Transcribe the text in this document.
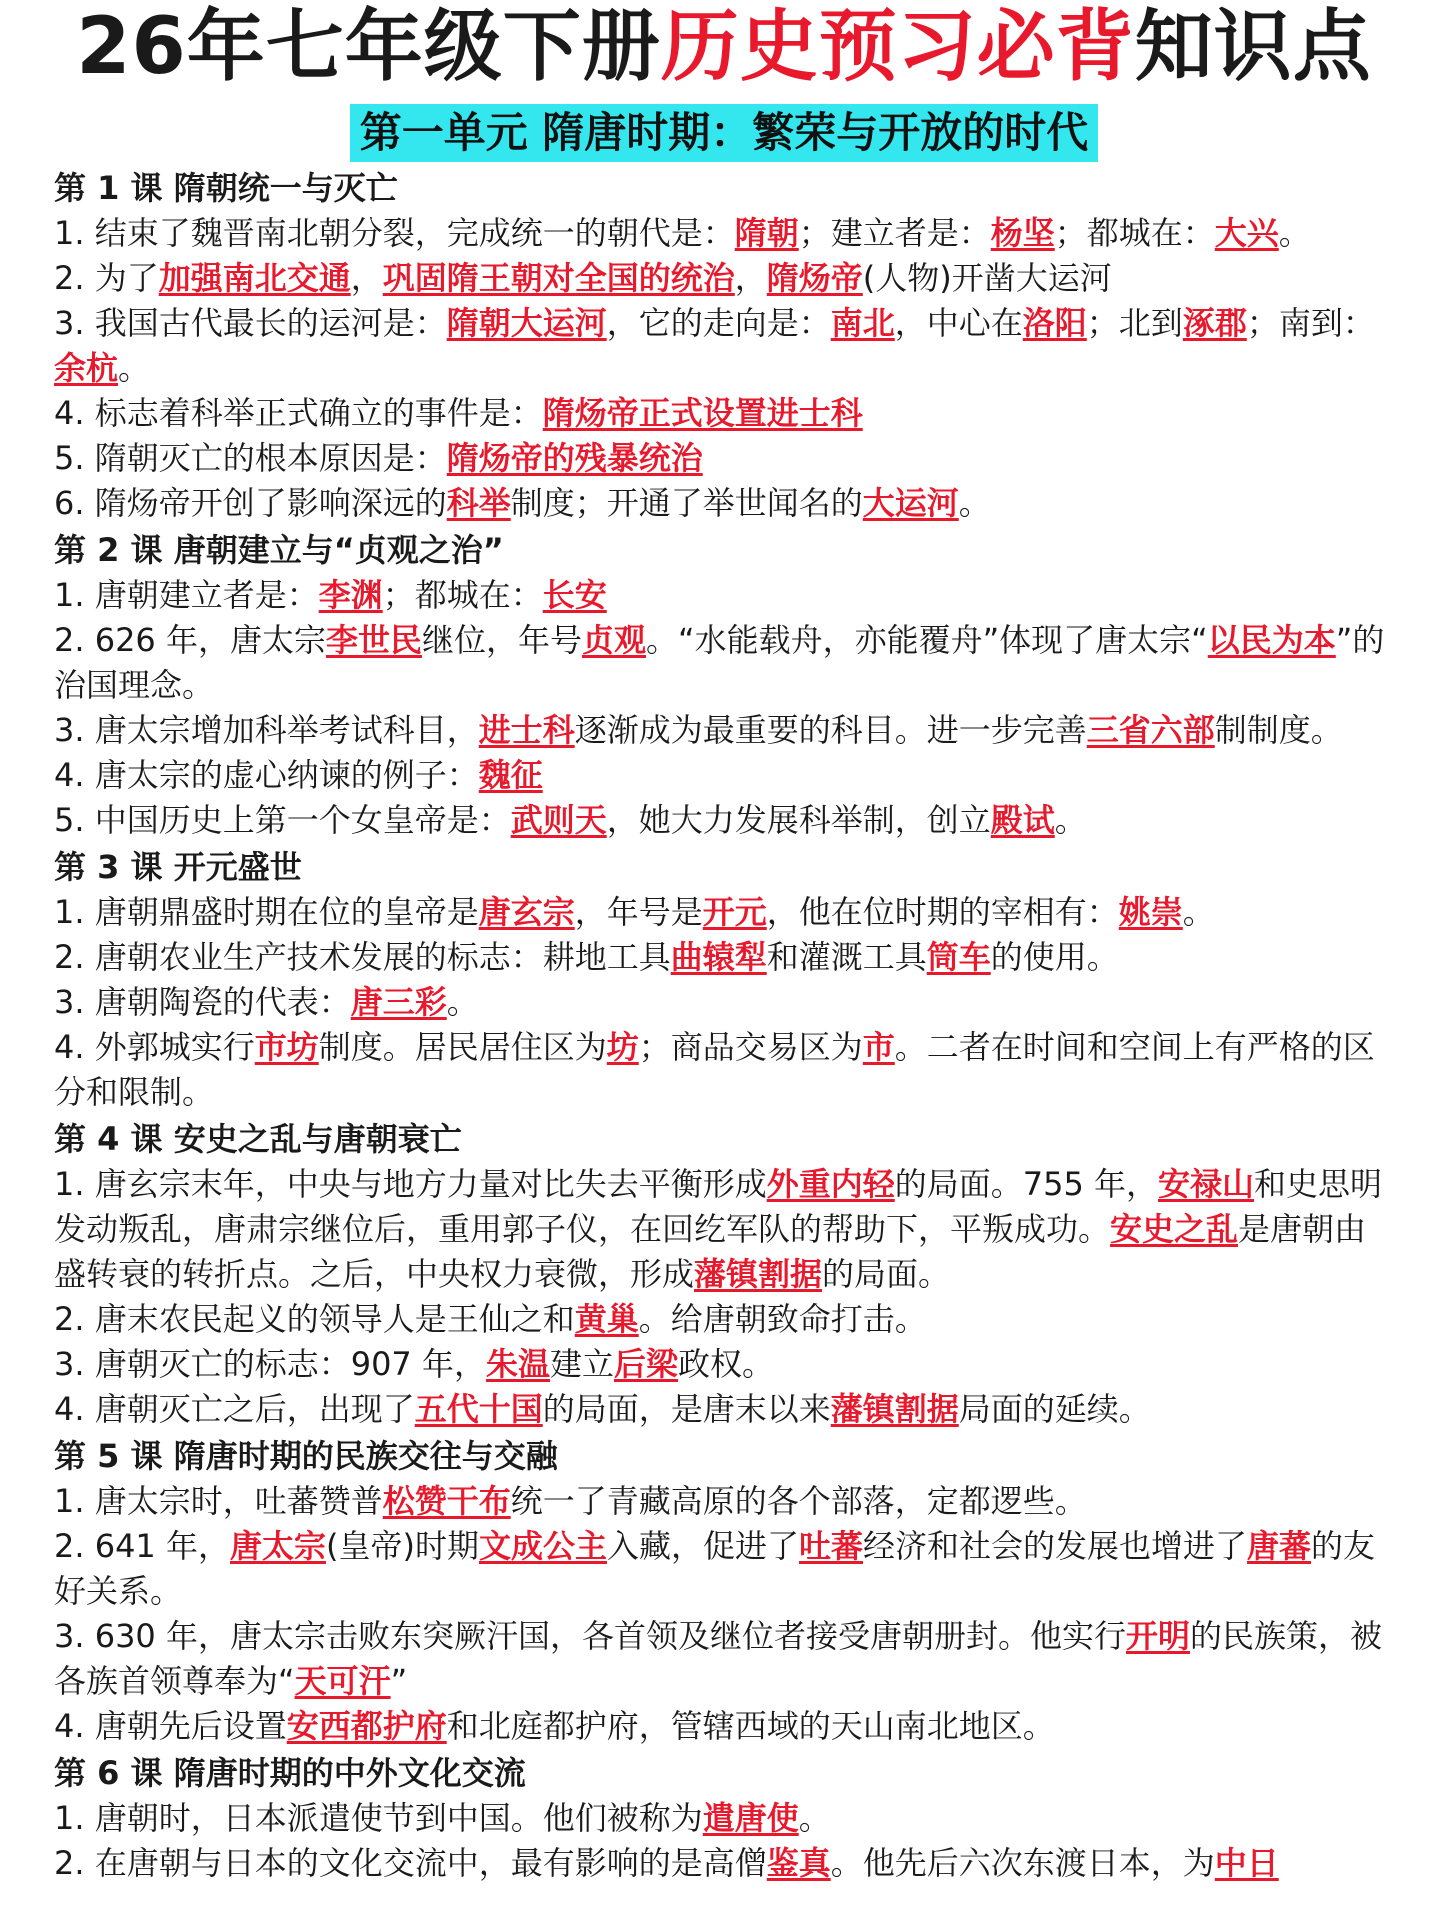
26年七年级下册历史预习必背知识点
第一单元 隋唐时期：繁荣与开放的时代
第 1 课 隋朝统一与灭亡

1. 结束了魏晋南北朝分裂，完成统一的朝代是：隋朝；建立者是：杨坚；都城在：大兴。

2. 为了加强南北交通，巩固隋王朝对全国的统治，隋炀帝(人物)开凿大运河

3. 我国古代最长的运河是：隋朝大运河，它的走向是：南北，中心在洛阳；北到涿郡；南到：余杭。

4. 标志着科举正式确立的事件是：隋炀帝正式设置进士科

5. 隋朝灭亡的根本原因是：隋炀帝的残暴统治

6. 隋炀帝开创了影响深远的科举制度；开通了举世闻名的大运河。

第 2 课 唐朝建立与“贞观之治”

1. 唐朝建立者是：李渊；都城在：长安

2. 626 年，唐太宗李世民继位，年号贞观。“水能载舟，亦能覆舟”体现了唐太宗“以民为本”的治国理念。

3. 唐太宗增加科举考试科目，进士科逐渐成为最重要的科目。进一步完善三省六部制制度。

4. 唐太宗的虚心纳谏的例子：魏征

5. 中国历史上第一个女皇帝是：武则天，她大力发展科举制，创立殿试。

第 3 课 开元盛世

1. 唐朝鼎盛时期在位的皇帝是唐玄宗，年号是开元，他在位时期的宰相有：姚崇。

2. 唐朝农业生产技术发展的标志：耕地工具曲辕犁和灌溉工具筒车的使用。

3. 唐朝陶瓷的代表：唐三彩。

4. 外郭城实行市坊制度。居民居住区为坊；商品交易区为市。二者在时间和空间上有严格的区分和限制。

第 4 课 安史之乱与唐朝衰亡

1. 唐玄宗末年，中央与地方力量对比失去平衡形成外重内轻的局面。755 年，安禄山和史思明发动叛乱，唐肃宗继位后，重用郭子仪，在回纥军队的帮助下，平叛成功。安史之乱是唐朝由盛转衰的转折点。之后，中央权力衰微，形成藩镇割据的局面。

2. 唐末农民起义的领导人是王仙之和黄巢。给唐朝致命打击。

3. 唐朝灭亡的标志：907 年，朱温建立后梁政权。

4. 唐朝灭亡之后，出现了五代十国的局面，是唐末以来藩镇割据局面的延续。

第 5 课 隋唐时期的民族交往与交融

1. 唐太宗时，吐蕃赞普松赞干布统一了青藏高原的各个部落，定都逻些。

2. 641 年，唐太宗(皇帝)时期文成公主入藏，促进了吐蕃经济和社会的发展也增进了唐蕃的友好关系。

3. 630 年，唐太宗击败东突厥汗国，各首领及继位者接受唐朝册封。他实行开明的民族策，被各族首领尊奉为“天可汗”

4. 唐朝先后设置安西都护府和北庭都护府，管辖西域的天山南北地区。

第 6 课 隋唐时期的中外文化交流

1. 唐朝时，日本派遣使节到中国。他们被称为遣唐使。

2. 在唐朝与日本的文化交流中，最有影响的是高僧鉴真。他先后六次东渡日本，为中日
